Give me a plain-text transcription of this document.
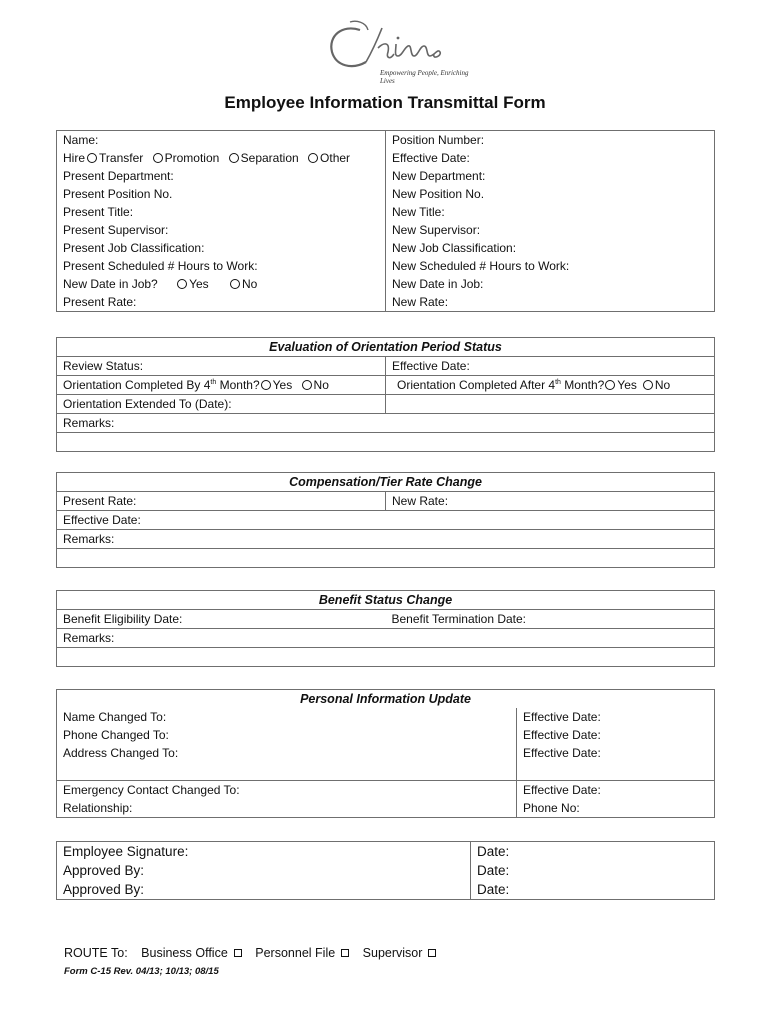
Empowering People, Enriching Lives
Employee Information Transmittal Form
Name:	Position Number:
Hire Transfer Promotion Separation Other	Effective Date:
Present Department:	New Department:
Present Position No.	New Position No.
Present Title:	New Title:
Present Supervisor:	New Supervisor:
Present Job Classification:	New Job Classification:
Present Scheduled # Hours to Work:	New Scheduled # Hours to Work:
New Date in Job? Yes No	New Date in Job:
Present Rate:	New Rate:
Evaluation of Orientation Period Status	
Review Status:	Effective Date:
Orientation Completed By 4th Month? Yes No	Orientation Completed After 4th Month? Yes No
Orientation Extended To (Date):	
Remarks:	

Compensation/Tier Rate Change
Present Rate:	New Rate:
Effective Date:
Remarks:

Benefit Status Change
Benefit Eligibility Date:	Benefit Termination Date:
Remarks:

Personal Information Update	
Name Changed To:	Effective Date:
Phone Changed To:	Effective Date:
Address Changed To:	Effective Date:

Emergency Contact Changed To:	Effective Date:
Relationship:	Phone No:
Employee Signature:	Date:
Approved By:	Date:
Approved By:	Date:
ROUTE To: Business Office Personnel File Supervisor
Form C-15 Rev. 04/13; 10/13; 08/15
